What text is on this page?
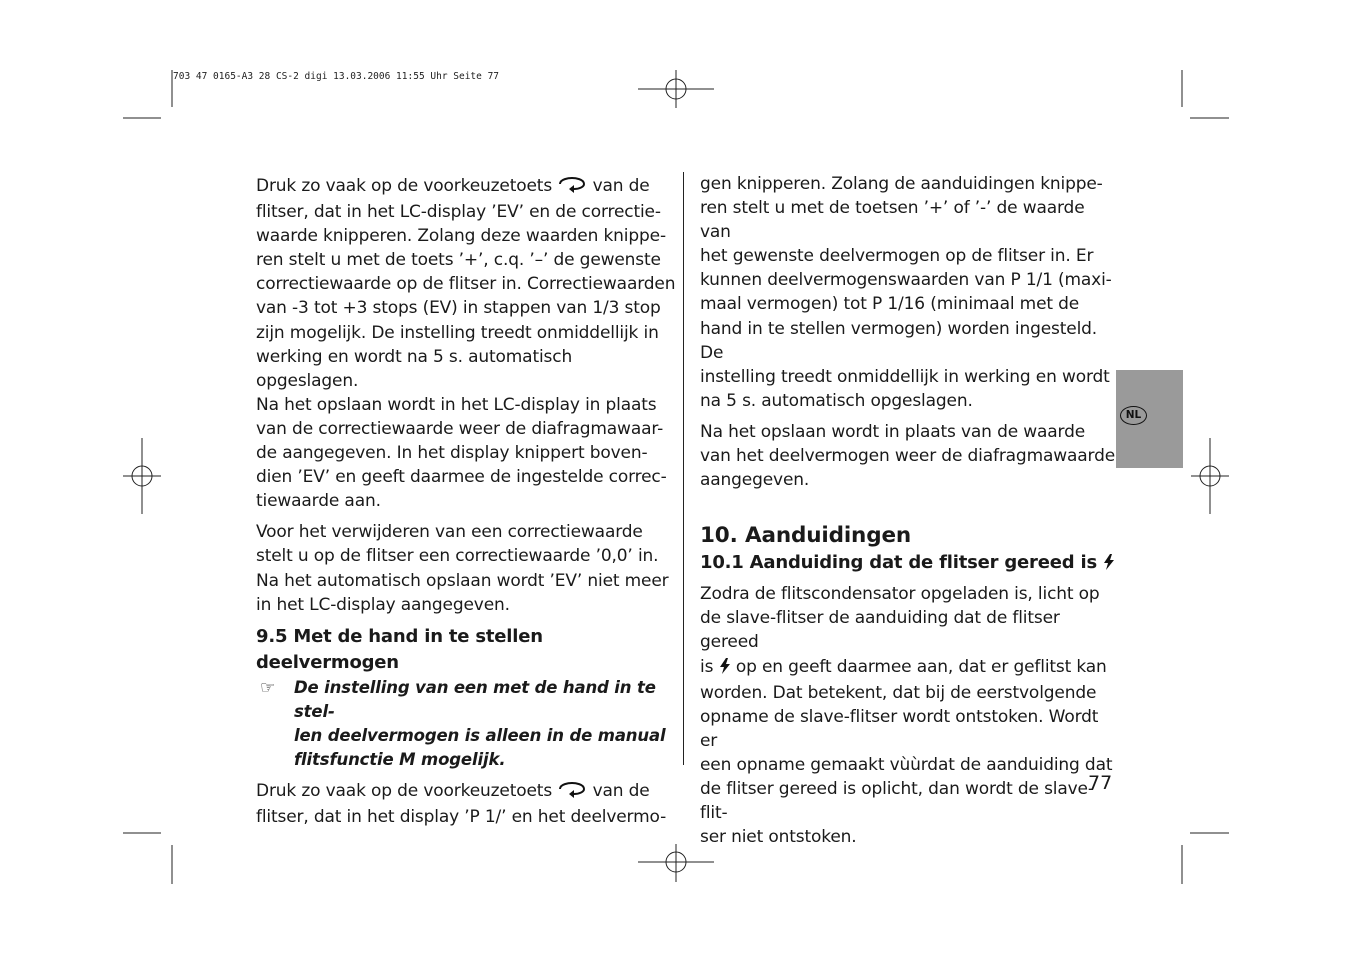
703 47 0165-A3 28 CS-2 digi 13.03.2006 11:55 Uhr Seite 77

Druk zo vaak op de voorkeuzetoets van de
flitser, dat in het LC-display ’EV’ en de correctie-
waarde knipperen. Zolang deze waarden knippe-
ren stelt u met de toets ’+’, c.q. ’–’ de gewenste
correctiewaarde op de flitser in. Correctiewaarden
van -3 tot +3 stops (EV) in stappen van 1/3 stop
zijn mogelijk. De instelling treedt onmiddellijk in
werking en wordt na 5 s. automatisch opgeslagen.
Na het opslaan wordt in het LC-display in plaats
van de correctiewaarde weer de diafragmawaar-
de aangegeven. In het display knippert boven-
dien ’EV’ en geeft daarmee de ingestelde correc-
tiewaarde aan.

Voor het verwijderen van een correctiewaarde
stelt u op de flitser een correctiewaarde ’0,0’ in.
Na het automatisch opslaan wordt ’EV’ niet meer
in het LC-display aangegeven.

9.5 Met de hand in te stellen deelvermogen

☞ De instelling van een met de hand in te stel-
len deelvermogen is alleen in de manual
flitsfunctie M mogelijk.

Druk zo vaak op de voorkeuzetoets van de
flitser, dat in het display ’P 1/’ en het deelvermo-

gen knipperen. Zolang de aanduidingen knippe-
ren stelt u met de toetsen ’+’ of ’-’ de waarde van
het gewenste deelvermogen op de flitser in. Er
kunnen deelvermogenswaarden van P 1/1 (maxi-
maal vermogen) tot P 1/16 (minimaal met de
hand in te stellen vermogen) worden ingesteld. De
instelling treedt onmiddellijk in werking en wordt
na 5 s. automatisch opgeslagen.

Na het opslaan wordt in plaats van de waarde
van het deelvermogen weer de diafragmawaarde
aangegeven.

10. Aanduidingen

10.1 Aanduiding dat de flitser gereed is

Zodra de flitscondensator opgeladen is, licht op
de slave-flitser de aanduiding dat de flitser gereed
is op en geeft daarmee aan, dat er geflitst kan
worden. Dat betekent, dat bij de eerstvolgende
opname de slave-flitser wordt ontstoken. Wordt er
een opname gemaakt vùùrdat de aanduiding dat
de flitser gereed is oplicht, dan wordt de slave-flit-
ser niet ontstoken.

NL
77
